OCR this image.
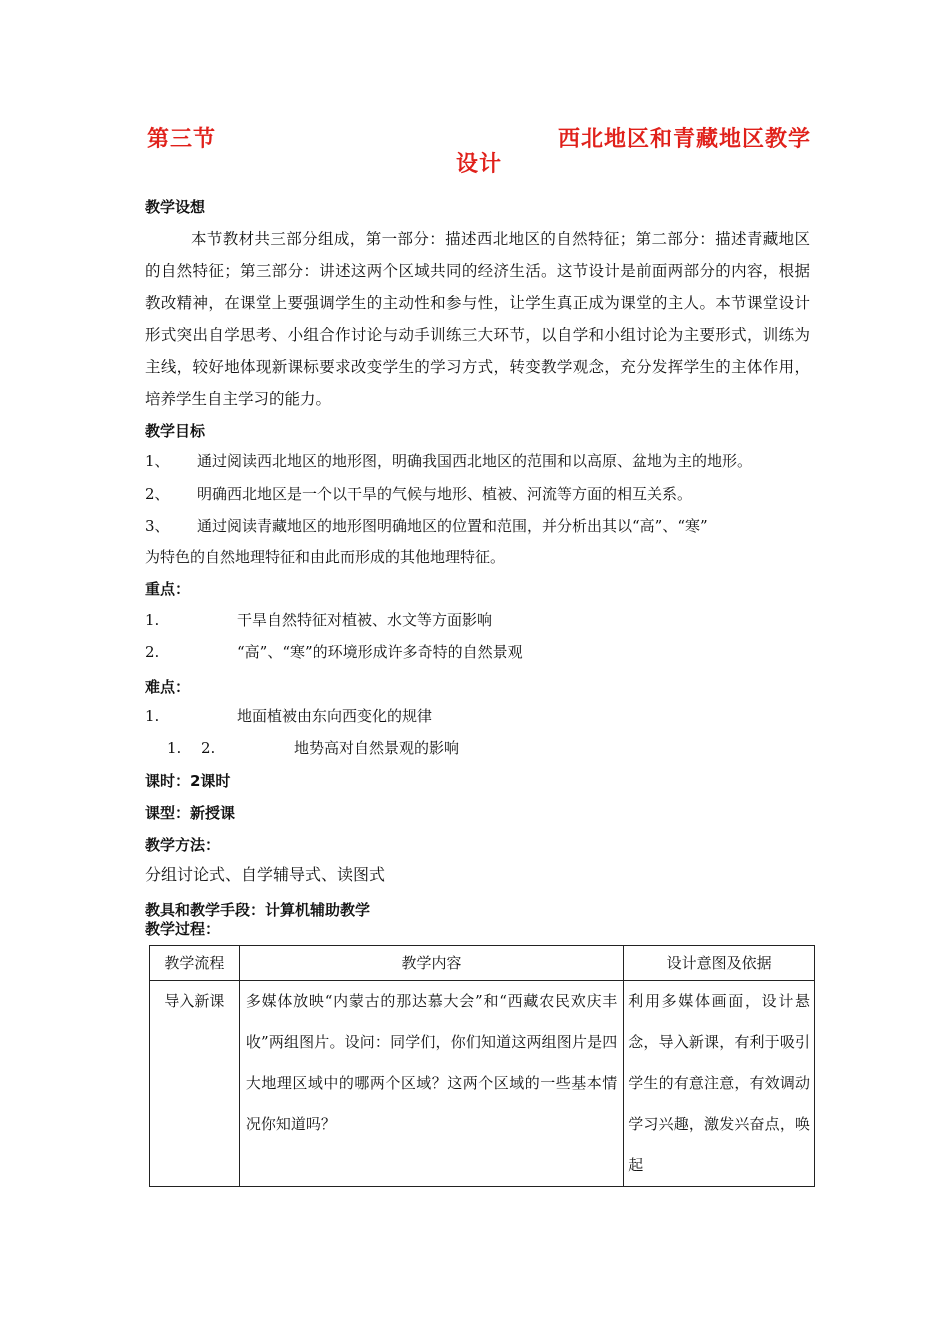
第三节	西北地区和青藏地区教学
设计
教学设想
本节教材共三部分组成，第一部分：描述西北地区的自然特征；第二部分：描述青藏地区的自然特征；第三部分：讲述这两个区域共同的经济生活。这节设计是前面两部分的内容，根据教改精神，在课堂上要强调学生的主动性和参与性，让学生真正成为课堂的主人。本节课堂设计形式突出自学思考、小组合作讨论与动手训练三大环节，以自学和小组讨论为主要形式，训练为主线，较好地体现新课标要求改变学生的学习方式，转变教学观念，充分发挥学生的主体作用，培养学生自主学习的能力。
教学目标
1、 通过阅读西北地区的地形图，明确我国西北地区的范围和以高原、盆地为主的地形。
2、 明确西北地区是一个以干旱的气候与地形、植被、河流等方面的相互关系。
3、 通过阅读青藏地区的地形图明确地区的位置和范围，并分析出其以“高”、“寒”
为特色的自然地理特征和由此而形成的其他地理特征。
重点：
1.	干旱自然特征对植被、水文等方面影响
2.	“高”、“寒”的环境形成许多奇特的自然景观
难点：
1.	地面植被由东向西变化的规律
1. 2.	地势高对自然景观的影响
课时：2课时
课型：新授课
教学方法：
分组讨论式、自学辅导式、读图式
教具和教学手段：计算机辅助教学
教学过程：
教学流程	教学内容	设计意图及依据
导入新课	多媒体放映“内蒙古的那达慕大会”和“西藏农民欢庆丰收”两组图片。设问：同学们，你们知道这两组图片是四大地理区域中的哪两个区域？这两个区域的一些基本情况你知道吗？	利用多媒体画面，设计悬念，导入新课，有利于吸引学生的有意注意，有效调动学习兴趣，激发兴奋点，唤起
